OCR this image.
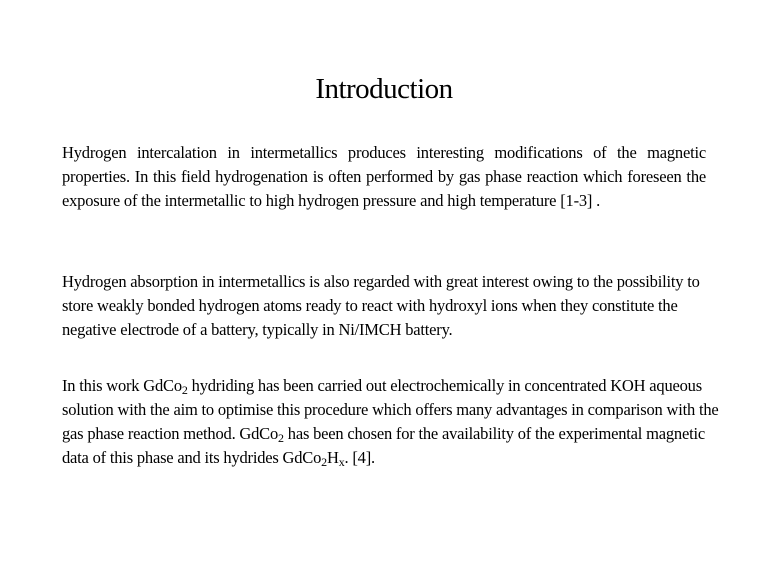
Introduction
Hydrogen intercalation in intermetallics produces interesting modifications of the magnetic properties. In this field hydrogenation is often performed by gas phase reaction which foreseen the exposure of the intermetallic to high hydrogen pressure and high temperature [1-3] .
Hydrogen absorption in intermetallics is also regarded with great interest owing to the possibility to store weakly bonded hydrogen atoms ready to react with hydroxyl ions when they constitute the negative electrode of a battery, typically in Ni/IMCH battery.
In this work GdCo$_2$ hydriding has been carried out electrochemically in concentrated KOH aqueous solution with the aim to optimise this procedure which offers many advantages in comparison with the gas phase reaction method. GdCo$_2$ has been chosen for the availability of the experimental magnetic data of this phase and its hydrides $GdCo_2H_x$. [4].
